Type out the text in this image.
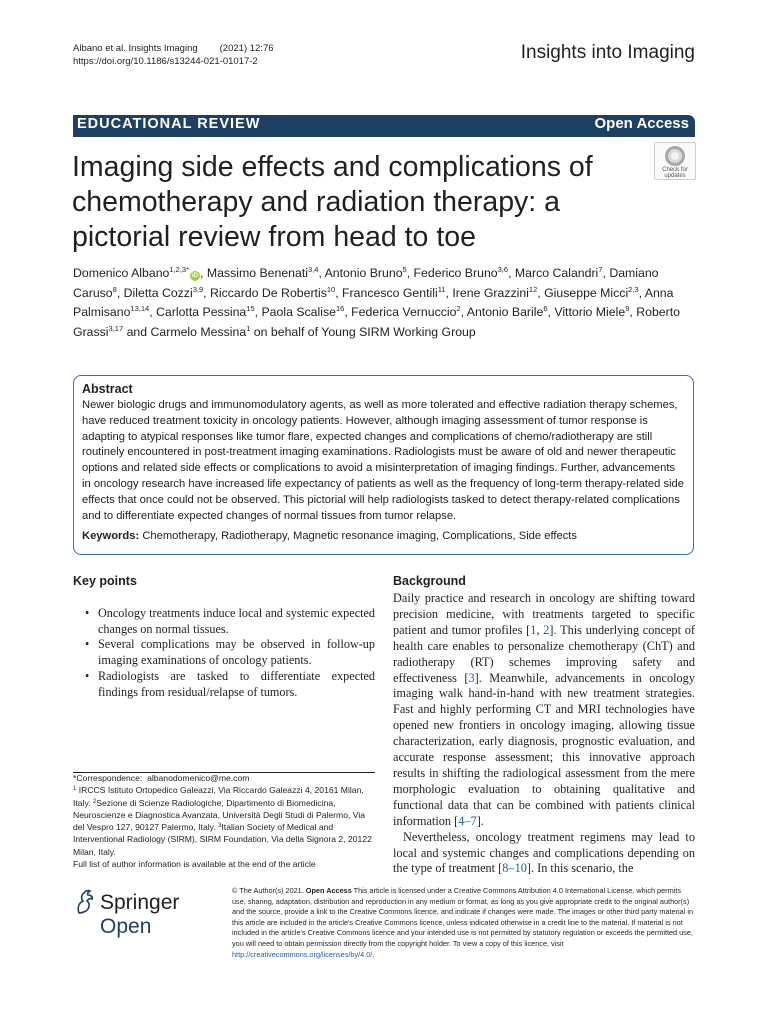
Albano et al. Insights Imaging (2021) 12:76
https://doi.org/10.1186/s13244-021-01017-2	Insights into Imaging
EDUCATIONAL REVIEW	Open Access
Imaging side effects and complications of chemotherapy and radiation therapy: a pictorial review from head to toe
Check for
updates
Domenico Albano$^{1,2,3*}$iD , Massimo Benenati$^{3,4}$, Antonio Bruno$^5$, Federico Bruno$^{3,6}$, Marco Calandri$^7$, Damiano Caruso$^8$, Diletta Cozzi$^{3,9}$, Riccardo De Robertis$^{10}$, Francesco Gentili$^{11}$, Irene Grazzini$^{12}$, Giuseppe Micci$^{2,3}$, Anna Palmisano$^{13,14}$, Carlotta Pessina$^{15}$, Paola Scalise$^{16}$, Federica Vernuccio$^2$, Antonio Barile$^6$, Vittorio Miele$^9$, Roberto Grassi$^{3,17}$ and Carmelo Messina$^1$ on behalf of Young SIRM Working Group
Abstract

Newer biologic drugs and immunomodulatory agents, as well as more tolerated and effective radiation therapy schemes, have reduced treatment toxicity in oncology patients. However, although imaging assessment of tumor response is adapting to atypical responses like tumor flare, expected changes and complications of chemo/radiotherapy are still routinely encountered in post-treatment imaging examinations. Radiologists must be aware of old and newer therapeutic options and related side effects or complications to avoid a misinterpretation of imaging findings. Further, advancements in oncology research have increased life expectancy of patients as well as the frequency of long-term therapy-related side effects that once could not be observed. This pictorial will help radiologists tasked to detect therapy-related complications and to differentiate expected changes of normal tissues from tumor relapse.

Keywords: Chemotherapy, Radiotherapy, Magnetic resonance imaging, Complications, Side effects

Key points
• Oncology treatments induce local and systemic expected changes on normal tissues.
• Several complications may be observed in follow-up imaging examinations of oncology patients.
• Radiologists are tasked to differentiate expected findings from residual/relapse of tumors.
*Correspondence: albanodomenico@me.com
$^1$ IRCCS Istituto Ortopedico Galeazzi, Via Riccardo Galeazzi 4, 20161 Milan, Italy. $^2$Sezione di Scienze Radiologiche, Dipartimento di Biomedicina, Neuroscienze e Diagnostica Avanzata, Università Degli Studi di Palermo, Via del Vespro 127, 90127 Palermo, Italy. $^3$Italian Society of Medical and Interventional Radiology (SIRM), SIRM Foundation, Via della Signora 2, 20122 Milan, Italy.
Full list of author information is available at the end of the article
Background

Daily practice and research in oncology are shifting toward precision medicine, with treatments targeted to specific patient and tumor profiles [1, 2]. This underlying concept of health care enables to personalize chemotherapy (ChT) and radiotherapy (RT) schemes improving safety and effectiveness [3]. Meanwhile, advancements in oncology imaging walk hand-in-hand with new treatment strategies. Fast and highly performing CT and MRI technologies have opened new frontiers in oncology imaging, allowing tissue characterization, early diagnosis, prognostic evaluation, and accurate response assessment; this innovative approach results in shifting the radiological assessment from the mere morphologic evaluation to obtaining qualitative and functional data that can be combined with patients clinical information [4–7].

Nevertheless, oncology treatment regimens may lead to local and systemic changes and complications depending on the type of treatment [8–10]. In this scenario, the

Springer Open
© The Author(s) 2021. Open Access This article is licensed under a Creative Commons Attribution 4.0 International License, which permits use, sharing, adaptation, distribution and reproduction in any medium or format, as long as you give appropriate credit to the original author(s) and the source, provide a link to the Creative Commons licence, and indicate if changes were made. The images or other third party material in this article are included in the article's Creative Commons licence, unless indicated otherwise in a credit line to the material. If material is not included in the article's Creative Commons licence and your intended use is not permitted by statutory regulation or exceeds the permitted use, you will need to obtain permission directly from the copyright holder. To view a copy of this licence, visit http://creativecommons.org/licenses/by/4.0/.
